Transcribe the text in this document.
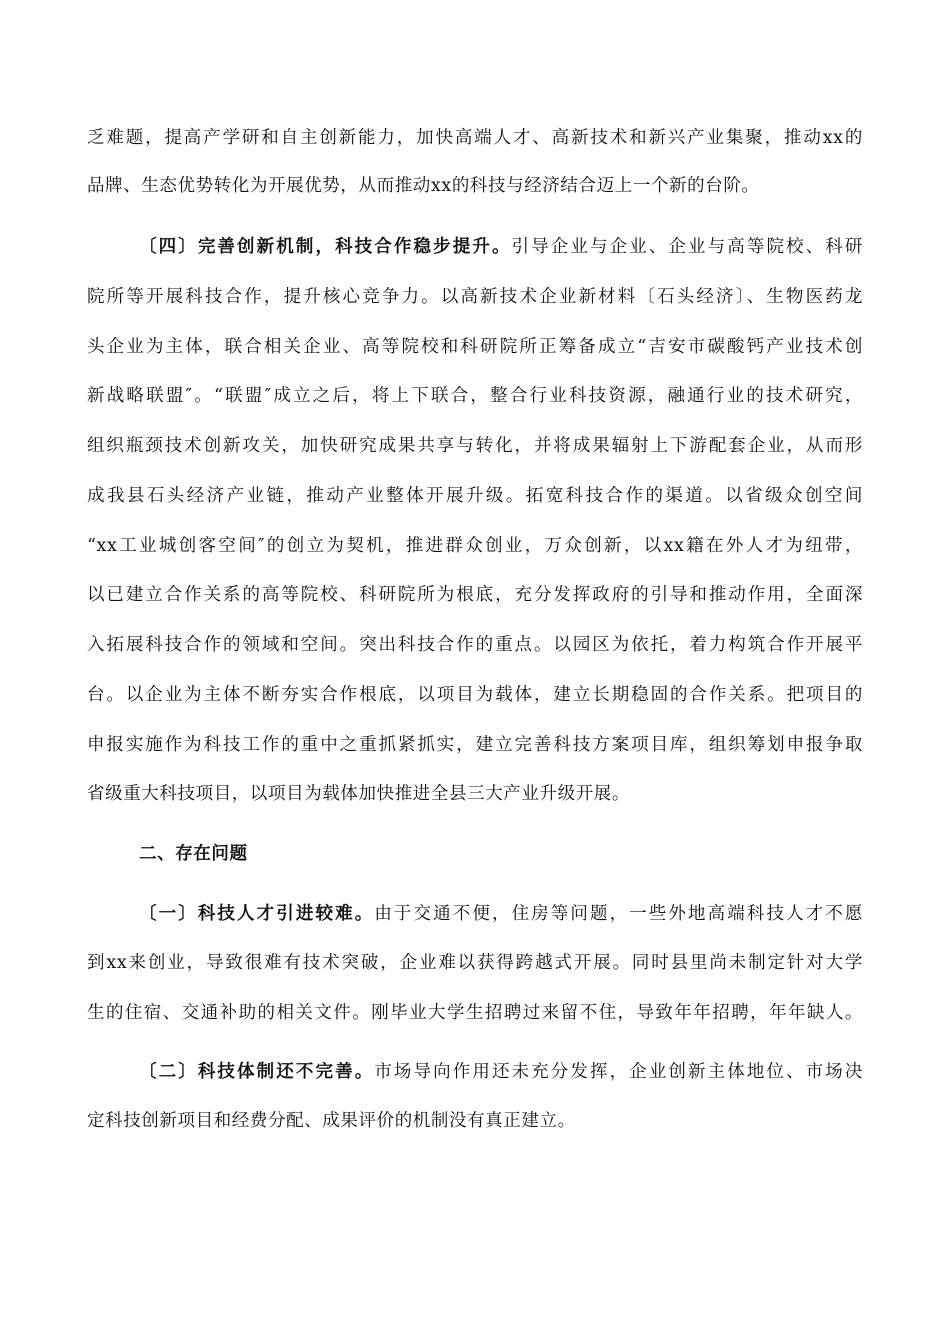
乏难题，提高产学研和自主创新能力，加快高端人才、高新技术和新兴产业集聚，推动xx的
品牌、生态优势转化为开展优势，从而推动xx的科技与经济结合迈上一个新的台阶。
〔四〕完善创新机制，科技合作稳步提升。引导企业与企业、企业与高等院校、科研
院所等开展科技合作，提升核心竞争力。以高新技术企业新材料〔石头经济〕、生物医药龙
头企业为主体，联合相关企业、高等院校和科研院所正筹备成立“吉安市碳酸钙产业技术创
新战略联盟″。“联盟″成立之后，将上下联合，整合行业科技资源，融通行业的技术研究，
组织瓶颈技术创新攻关，加快研究成果共享与转化，并将成果辐射上下游配套企业，从而形
成我县石头经济产业链，推动产业整体开展升级。拓宽科技合作的渠道。以省级众创空间
“xx工业城创客空间″的创立为契机，推进群众创业，万众创新，以xx籍在外人才为纽带，
以已建立合作关系的高等院校、科研院所为根底，充分发挥政府的引导和推动作用，全面深
入拓展科技合作的领域和空间。突出科技合作的重点。以园区为依托，着力构筑合作开展平
台。以企业为主体不断夯实合作根底，以项目为载体，建立长期稳固的合作关系。把项目的
申报实施作为科技工作的重中之重抓紧抓实，建立完善科技方案项目库，组织筹划申报争取
省级重大科技项目，以项目为载体加快推进全县三大产业升级开展。
二、存在问题
〔一〕科技人才引进较难。由于交通不便，住房等问题，一些外地高端科技人才不愿
到xx来创业，导致很难有技术突破，企业难以获得跨越式开展。同时县里尚未制定针对大学
生的住宿、交通补助的相关文件。刚毕业大学生招聘过来留不住，导致年年招聘，年年缺人。
〔二〕科技体制还不完善。市场导向作用还未充分发挥，企业创新主体地位、市场决
定科技创新项目和经费分配、成果评价的机制没有真正建立。
